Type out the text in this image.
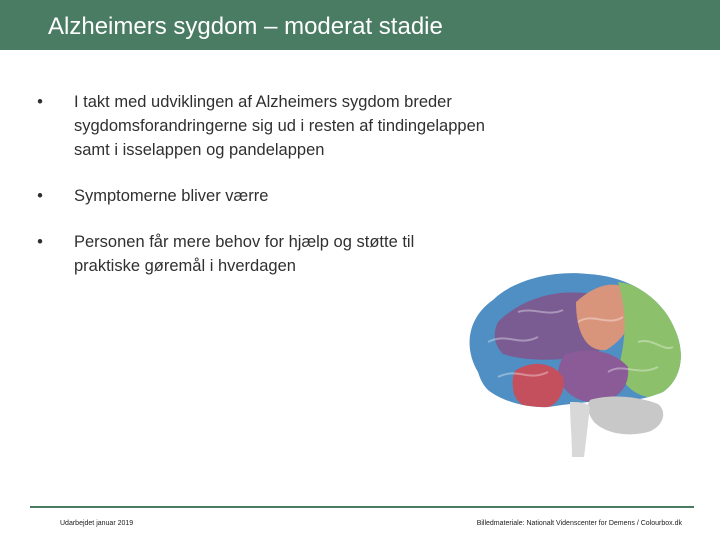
Alzheimers sygdom – moderat stadie
•	I takt med udviklingen af Alzheimers sygdom breder
sygdomsforandringerne sig ud i resten af tindingelappen
samt i isselappen og pandelappen
•	Symptomerne bliver værre
•	Personen får mere behov for hjælp og støtte til
praktiske gøremål i hverdagen
Udarbejdet januar 2019	Billedmateriale: Nationalt Videnscenter for Demens / Colourbox.dk
